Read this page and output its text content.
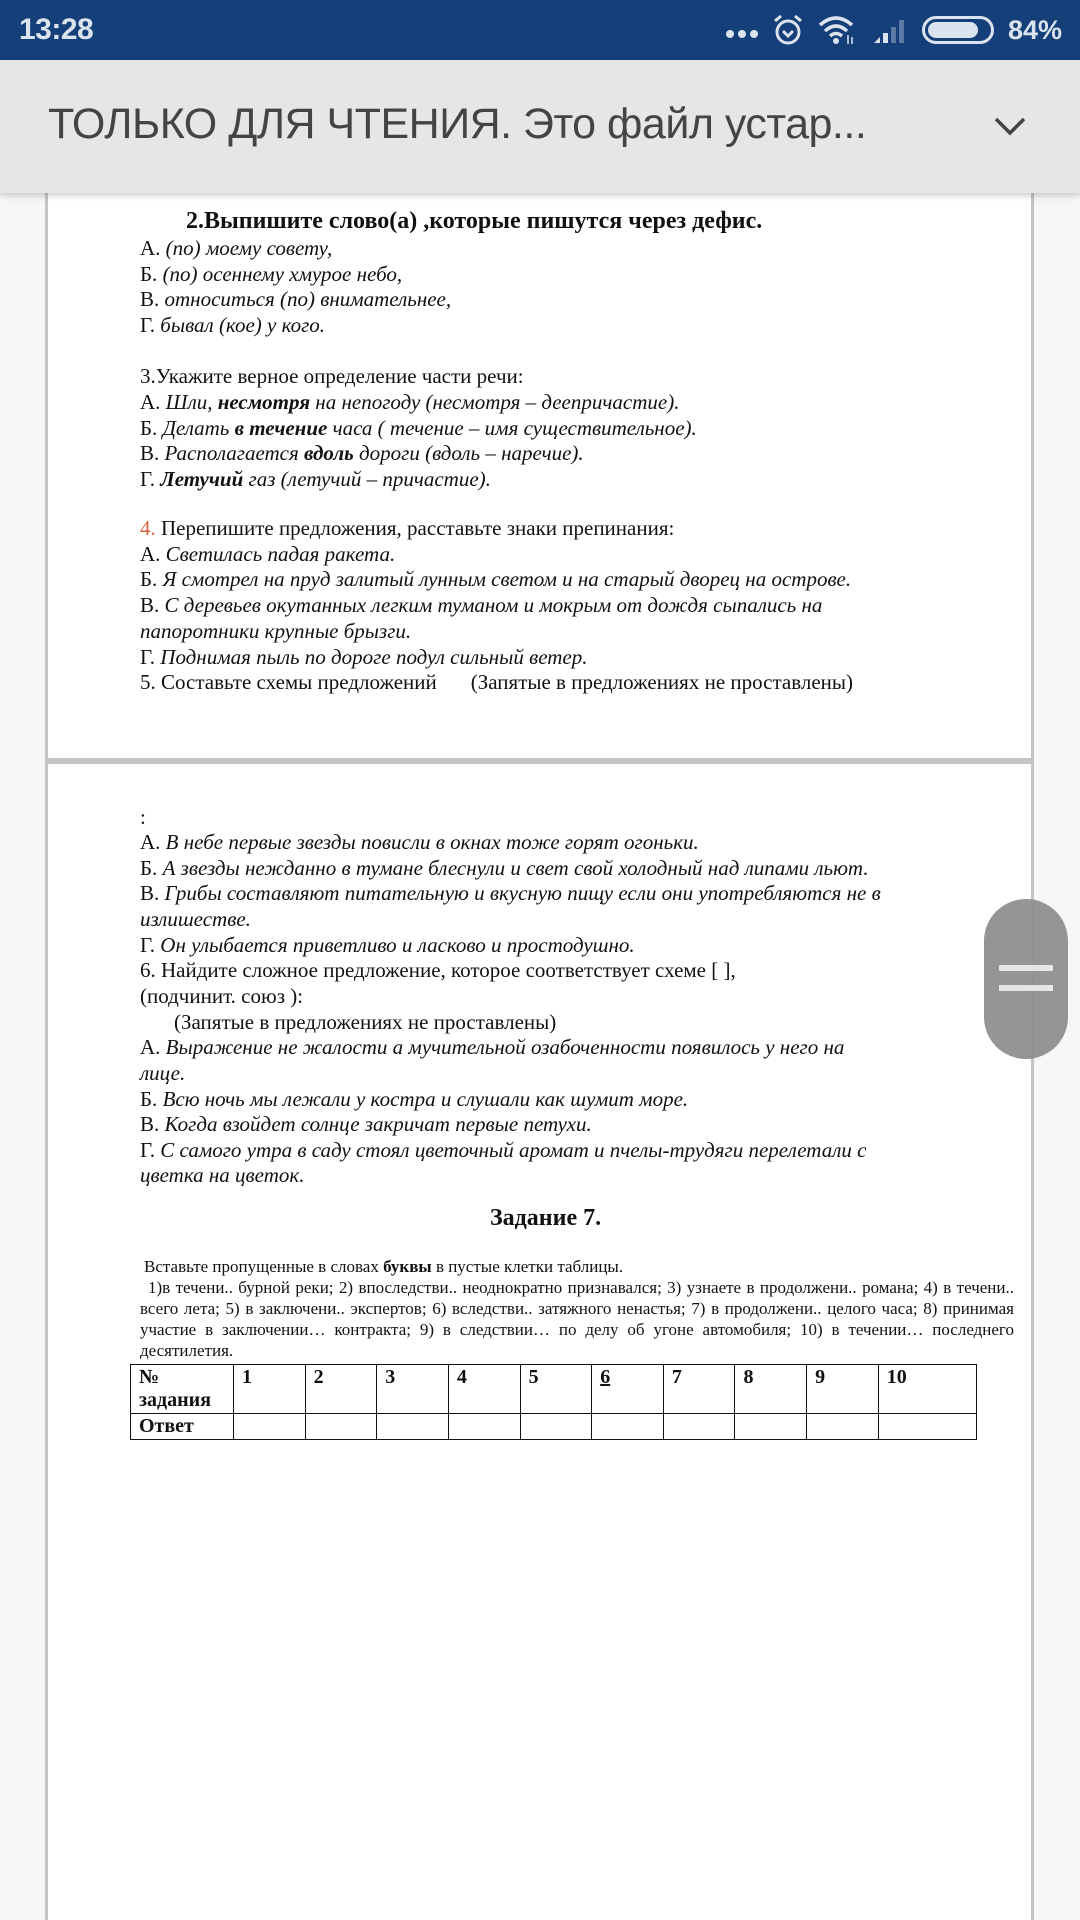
13:28	84%
ТОЛЬКО ДЛЯ ЧТЕНИЯ. Это файл устар...
2.Выпишите слово(а) ,которые пишутся через дефис.
А. (по) моему совету,
Б. (по) осеннему хмурое небо,
В. относиться (по) внимательнее,
Г. бывал (кое) у кого.
3.Укажите верное определение части речи:
А. Шли, несмотря на непогоду (несмотря – деепричастие).
Б. Делать в течение часа ( течение – имя существительное).
В. Располагается вдоль дороги (вдоль – наречие).
Г. Летучий газ (летучий – причастие).
4. Перепишите предложения, расставьте знаки препинания:
А. Светилась падая ракета.
Б. Я смотрел на пруд залитый лунным светом и на старый дворец на острове.
В. С деревьев окутанных легким туманом и мокрым от дождя сыпались на
папоротники крупные брызги.
Г. Поднимая пыль по дороге подул сильный ветер.
5. Составьте схемы предложений (Запятые в предложениях не проставлены)
:
А. В небе первые звезды повисли в окнах тоже горят огоньки.
Б. А звезды нежданно в тумане блеснули и свет свой холодный над липами льют.
В. Грибы составляют питательную и вкусную пищу если они употребляются не в
излишестве.
Г. Он улыбается приветливо и ласково и простодушно.
6. Найдите сложное предложение, которое соответствует схеме [ ],
(подчинит. союз ):
(Запятые в предложениях не проставлены)
А. Выражение не жалости а мучительной озабоченности появилось у него на
лице.
Б. Всю ночь мы лежали у костра и слушали как шумит море.
В. Когда взойдет солнце закричат первые петухи.
Г. С самого утра в саду стоял цветочный аромат и пчелы-трудяги перелетали с
цветка на цветок.
Задание 7.
Вставьте пропущенные в словах буквы в пустые клетки таблицы.
1)в течени.. бурной реки; 2) впоследстви.. неоднократно признавался; 3) узнаете в продолжени.. романа; 4) в течени.. всего лета; 5) в заключени.. экспертов; 6) вследстви.. затяжного ненастья; 7) в продолжени.. целого часа; 8) принимая участие в заключении… контракта; 9) в следствии… по делу об угоне автомобиля; 10) в течении… последнего десятилетия.
№
задания	1	2	3	4	5	6	7	8	9	10
Ответ										
